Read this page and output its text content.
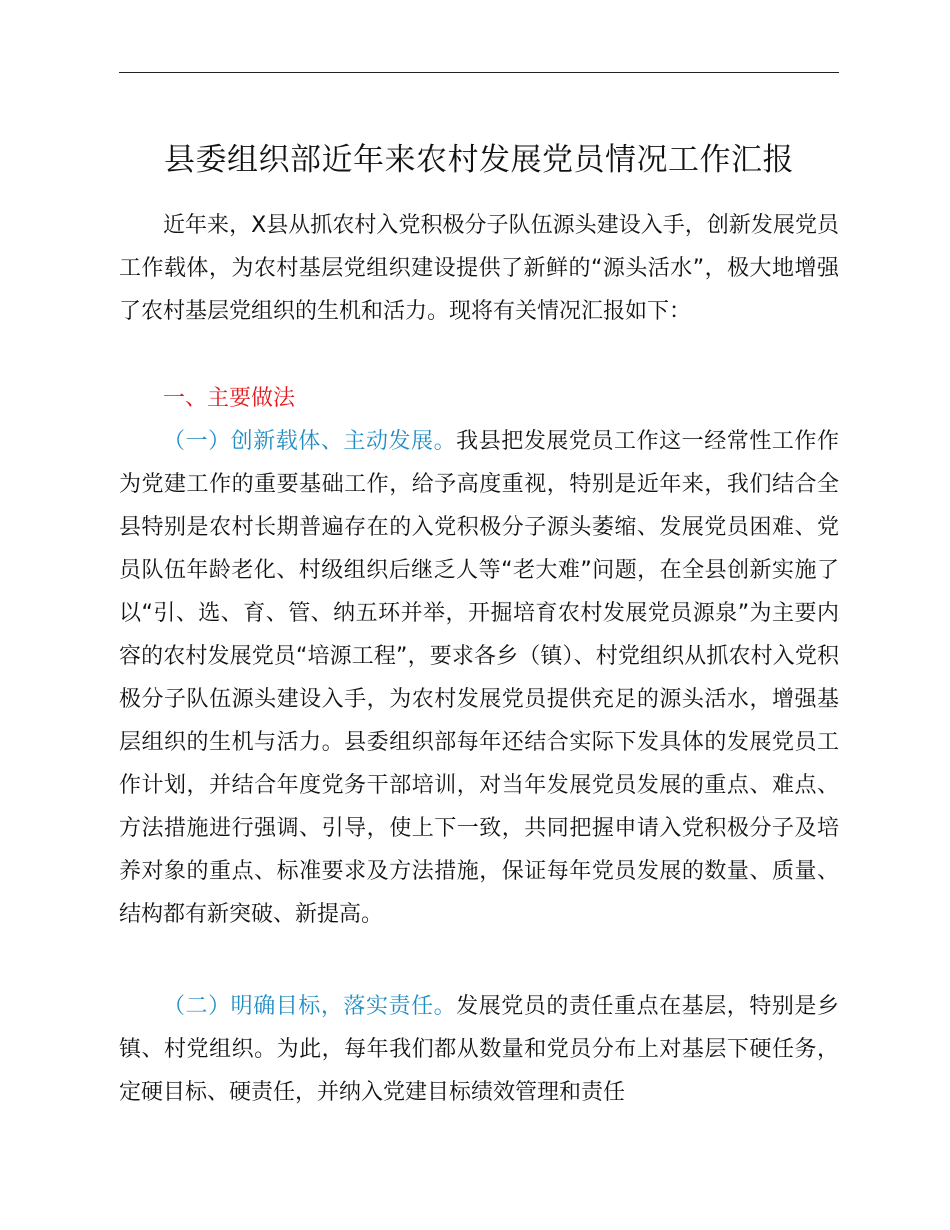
县委组织部近年来农村发展党员情况工作汇报
近年来，X县从抓农村入党积极分子队伍源头建设入手，创新发展党员工作载体，为农村基层党组织建设提供了新鲜的“源头活水”，极大地增强了农村基层党组织的生机和活力。现将有关情况汇报如下：
一、主要做法
（一）创新载体、主动发展。我县把发展党员工作这一经常性工作作为党建工作的重要基础工作，给予高度重视，特别是近年来，我们结合全县特别是农村长期普遍存在的入党积极分子源头萎缩、发展党员困难、党员队伍年龄老化、村级组织后继乏人等“老大难”问题，在全县创新实施了以“引、选、育、管、纳五环并举，开掘培育农村发展党员源泉”为主要内容的农村发展党员“培源工程”，要求各乡（镇）、村党组织从抓农村入党积极分子队伍源头建设入手，为农村发展党员提供充足的源头活水，增强基层组织的生机与活力。县委组织部每年还结合实际下发具体的发展党员工作计划，并结合年度党务干部培训，对当年发展党员发展的重点、难点、方法措施进行强调、引导，使上下一致，共同把握申请入党积极分子及培养对象的重点、标准要求及方法措施，保证每年党员发展的数量、质量、结构都有新突破、新提高。
（二）明确目标，落实责任。发展党员的责任重点在基层，特别是乡镇、村党组织。为此，每年我们都从数量和党员分布上对基层下硬任务，定硬目标、硬责任，并纳入党建目标绩效管理和责任
